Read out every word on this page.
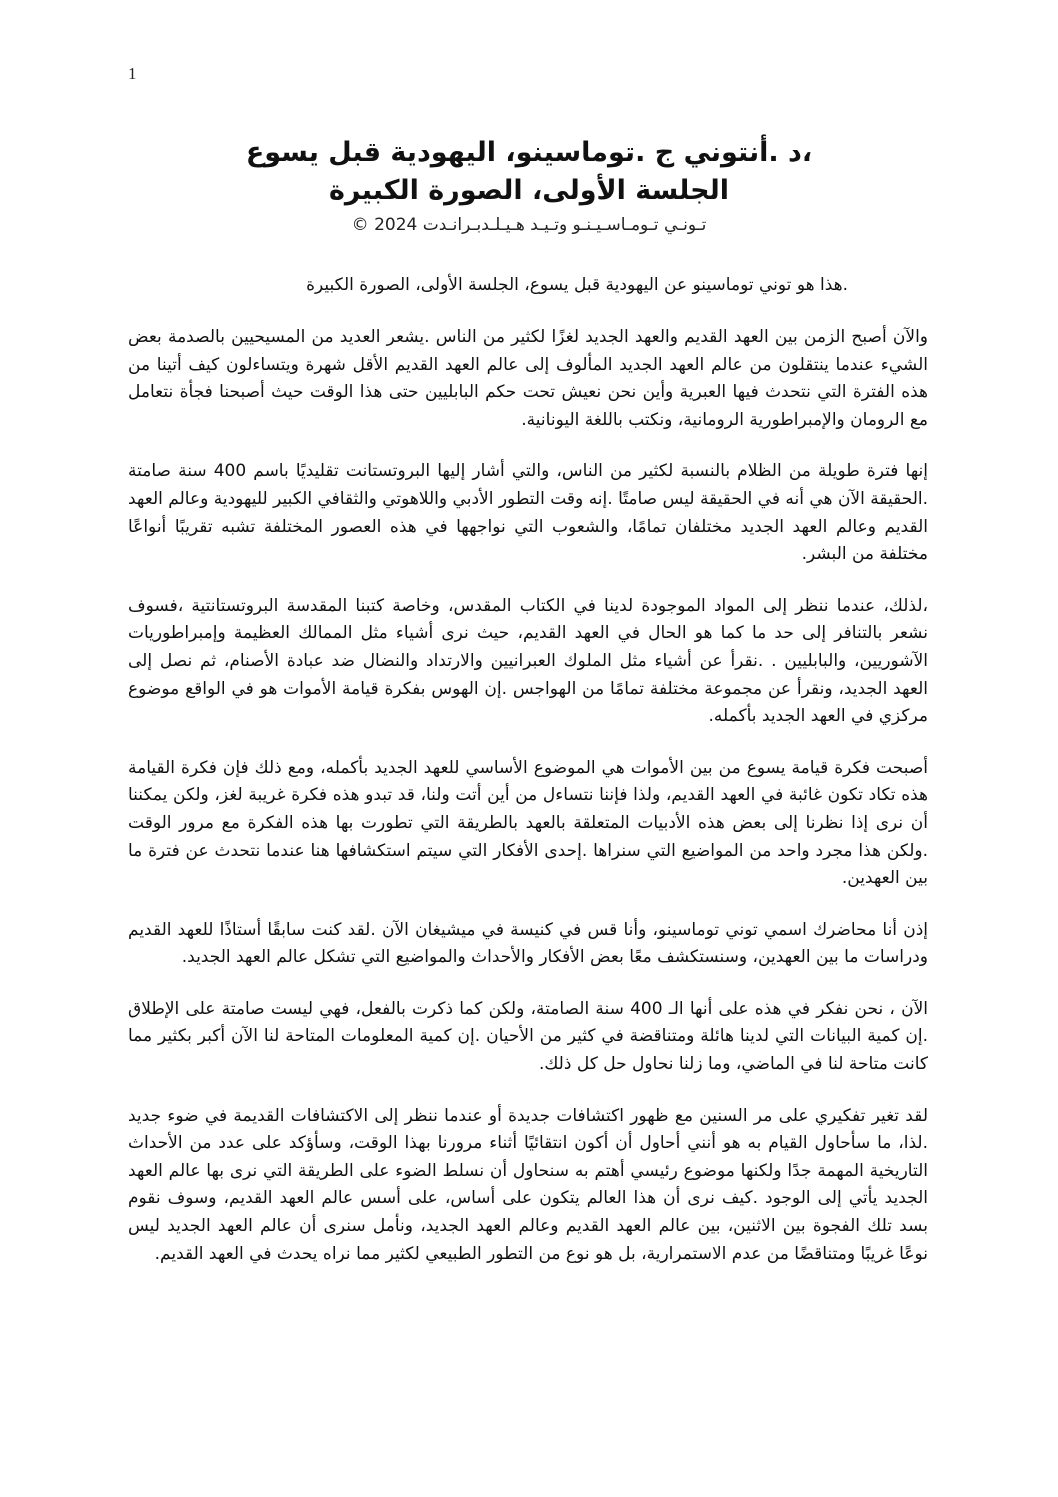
1
،د .أنتوني ج .توماسينو، اليهودية قبل يسوع
الجلسة الأولى، الصورة الكبيرة

تـونـي تـومـاسـيـنـو وتـيـد هـيـلـدبـرانـدت 2024 ©

.هذا هو توني توماسينو عن اليهودية قبل يسوع، الجلسة الأولى، الصورة الكبيرة

والآن أصبح الزمن بين العهد القديم والعهد الجديد لغزًا لكثير من الناس .يشعر العديد من المسيحيين بالصدمة بعض الشيء عندما ينتقلون من عالم العهد الجديد المألوف إلى عالم العهد القديم الأقل شهرة ويتساءلون كيف أتينا من هذه الفترة التي نتحدث فيها العبرية وأين نحن نعيش تحت حكم البابليين حتى هذا الوقت حيث أصبحنا فجأة نتعامل مع الرومان والإمبراطورية الرومانية، ونكتب باللغة اليونانية.

إنها فترة طويلة من الظلام بالنسبة لكثير من الناس، والتي أشار إليها البروتستانت تقليديًا باسم 400 سنة صامتة .الحقيقة الآن هي أنه في الحقيقة ليس صامتًا .إنه وقت التطور الأدبي واللاهوتي والثقافي الكبير لليهودية وعالم العهد القديم وعالم العهد الجديد مختلفان تمامًا، والشعوب التي نواجهها في هذه العصور المختلفة تشبه تقريبًا أنواعًا مختلفة من البشر.

،لذلك، عندما ننظر إلى المواد الموجودة لدينا في الكتاب المقدس، وخاصة كتبنا المقدسة البروتستانتية ،فسوف نشعر بالتنافر إلى حد ما كما هو الحال في العهد القديم، حيث نرى أشياء مثل الممالك العظيمة وإمبراطوريات الآشوريين، والبابليين . .نقرأ عن أشياء مثل الملوك العبرانيين والارتداد والنضال ضد عبادة الأصنام، ثم نصل إلى العهد الجديد، ونقرأ عن مجموعة مختلفة تمامًا من الهواجس .إن الهوس بفكرة قيامة الأموات هو في الواقع موضوع مركزي في العهد الجديد بأكمله.

أصبحت فكرة قيامة يسوع من بين الأموات هي الموضوع الأساسي للعهد الجديد بأكمله، ومع ذلك فإن فكرة القيامة هذه تكاد تكون غائبة في العهد القديم، ولذا فإننا نتساءل من أين أتت ولنا، قد تبدو هذه فكرة غريبة لغز، ولكن يمكننا أن نرى إذا نظرنا إلى بعض هذه الأدبيات المتعلقة بالعهد بالطريقة التي تطورت بها هذه الفكرة مع مرور الوقت .ولكن هذا مجرد واحد من المواضيع التي سنراها .إحدى الأفكار التي سيتم استكشافها هنا عندما نتحدث عن فترة ما بين العهدين.

إذن أنا محاضرك اسمي توني توماسينو، وأنا قس في كنيسة في ميشيغان الآن .لقد كنت سابقًا أستاذًا للعهد القديم ودراسات ما بين العهدين، وسنستكشف معًا بعض الأفكار والأحداث والمواضيع التي تشكل عالم العهد الجديد.

الآن ، نحن نفكر في هذه على أنها الـ 400 سنة الصامتة، ولكن كما ذكرت بالفعل، فهي ليست صامتة على الإطلاق .إن كمية البيانات التي لدينا هائلة ومتناقضة في كثير من الأحيان .إن كمية المعلومات المتاحة لنا الآن أكبر بكثير مما كانت متاحة لنا في الماضي، وما زلنا نحاول حل كل ذلك.

لقد تغير تفكيري على مر السنين مع ظهور اكتشافات جديدة أو عندما ننظر إلى الاكتشافات القديمة في ضوء جديد .لذا، ما سأحاول القيام به هو أنني أحاول أن أكون انتقائيًا أثناء مرورنا بهذا الوقت، وسأؤكد على عدد من الأحداث التاريخية المهمة جدًا ولكنها موضوع رئيسي أهتم به سنحاول أن نسلط الضوء على الطريقة التي نرى بها عالم العهد الجديد يأتي إلى الوجود .كيف نرى أن هذا العالم يتكون على أساس، على أسس عالم العهد القديم، وسوف نقوم بسد تلك الفجوة بين الاثنين، بين عالم العهد القديم وعالم العهد الجديد، ونأمل سنرى أن عالم العهد الجديد ليس نوعًا غريبًا ومتناقضًا من عدم الاستمرارية، بل هو نوع من التطور الطبيعي لكثير مما نراه يحدث في العهد القديم.
